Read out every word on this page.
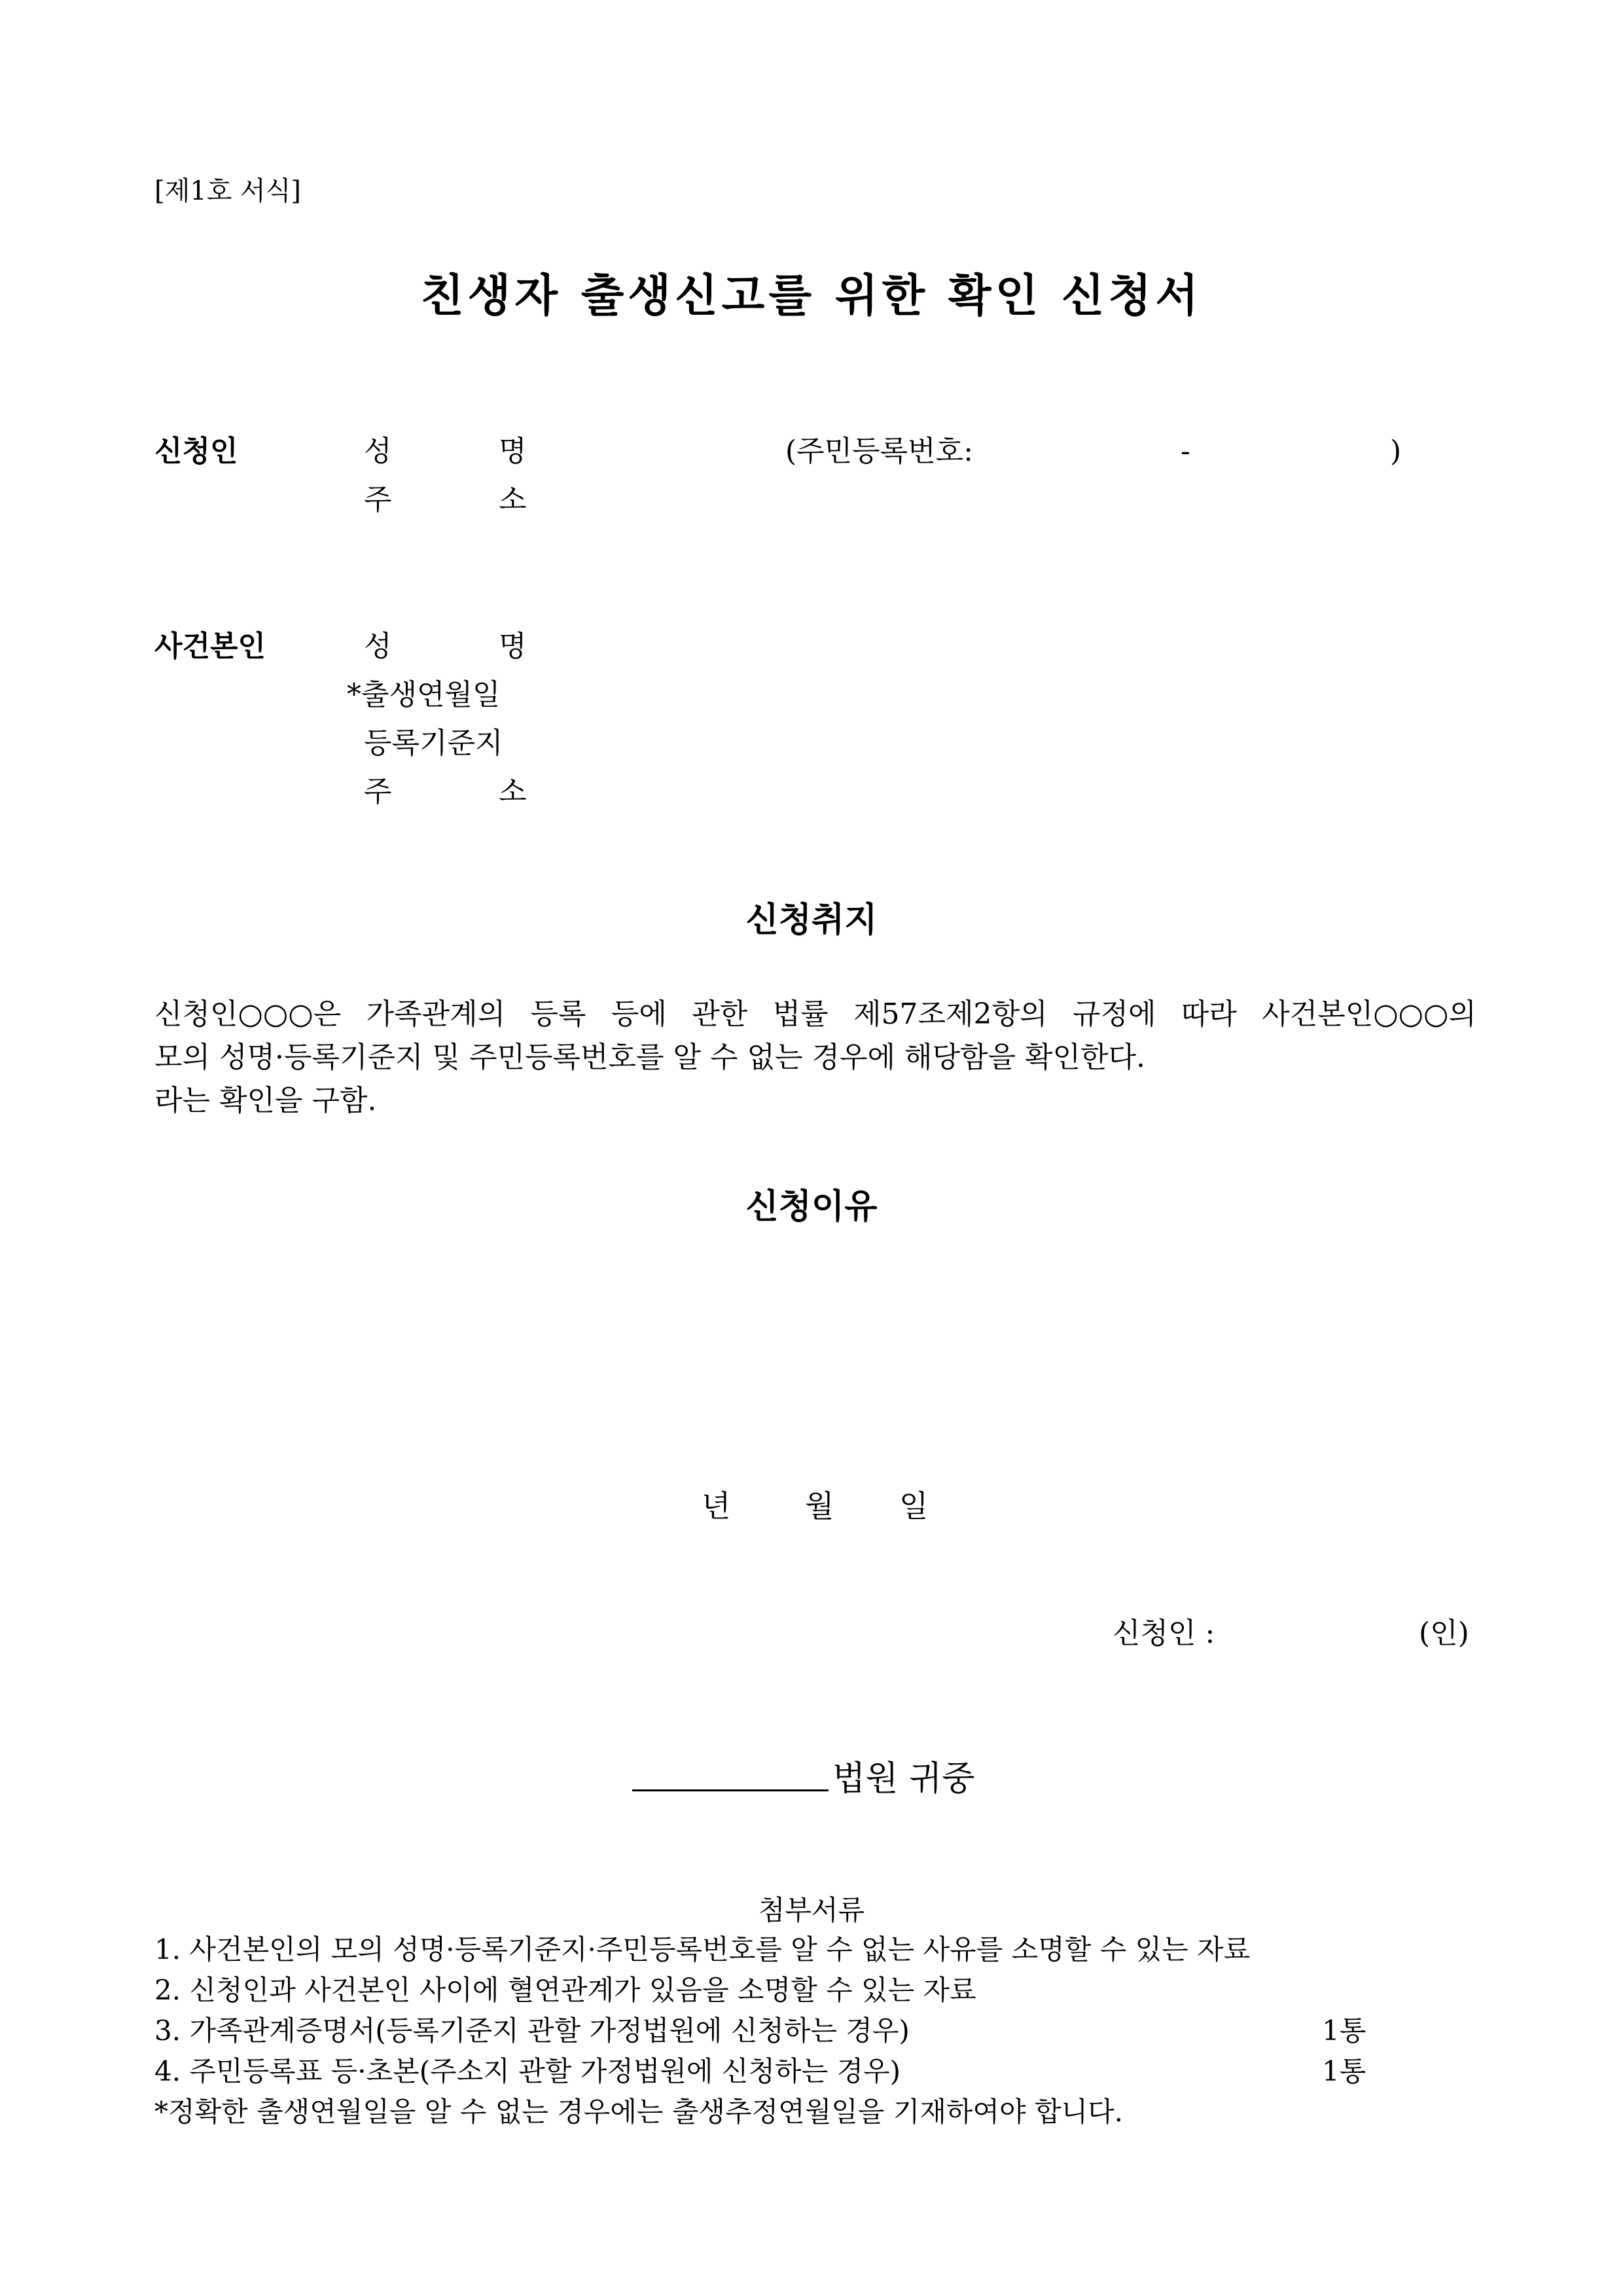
[제1호 서식]
친생자 출생신고를 위한 확인 신청서
신청인	성	명	(주민등록번호:	-	)
주	소
사건본인	성	명
*출생연월일
등록기준지
주	소
신청취지
신청인○○○은 가족관계의 등록 등에 관한 법률 제57조제2항의 규정에 따라 사건본인○○○의
모의 성명·등록기준지 및 주민등록번호를 알 수 없는 경우에 해당함을 확인한다.
라는 확인을 구함.
신청이유
년 월 일
신청인 :	(인)
법원 귀중
첨부서류
1. 사건본인의 모의 성명·등록기준지·주민등록번호를 알 수 없는 사유를 소명할 수 있는 자료
2. 신청인과 사건본인 사이에 혈연관계가 있음을 소명할 수 있는 자료
3. 가족관계증명서(등록기준지 관할 가정법원에 신청하는 경우)	1통
4. 주민등록표 등·초본(주소지 관할 가정법원에 신청하는 경우)	1통
*정확한 출생연월일을 알 수 없는 경우에는 출생추정연월일을 기재하여야 합니다.
